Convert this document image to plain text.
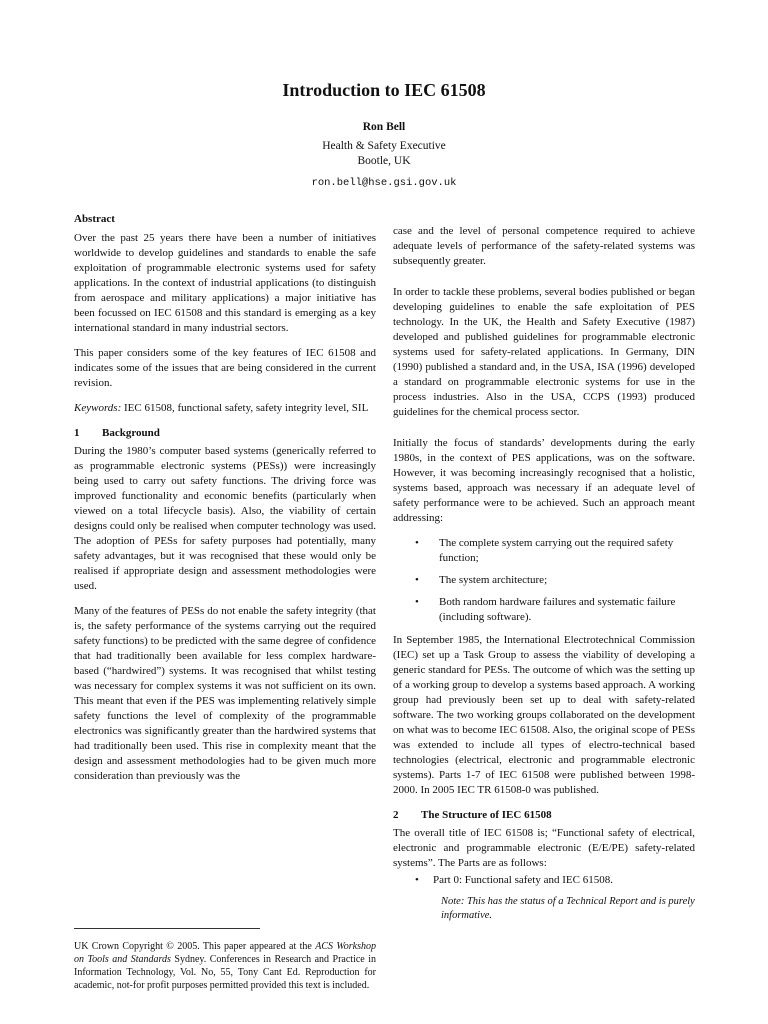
Introduction to IEC 61508
Ron Bell
Health & Safety Executive
Bootle, UK
ron.bell@hse.gsi.gov.uk
Abstract

Over the past 25 years there have been a number of initiatives worldwide to develop guidelines and standards to enable the safe exploitation of programmable electronic systems used for safety applications. In the context of industrial applications (to distinguish from aerospace and military applications) a major initiative has been focussed on IEC 61508 and this standard is emerging as a key international standard in many industrial sectors.

This paper considers some of the key features of IEC 61508 and indicates some of the issues that are being considered in the current revision.

Keywords: IEC 61508, functional safety, safety integrity level, SIL

1	Background

During the 1980’s computer based systems (generically referred to as programmable electronic systems (PESs)) were increasingly being used to carry out safety functions. The driving force was improved functionality and economic benefits (particularly when viewed on a total lifecycle basis). Also, the viability of certain designs could only be realised when computer technology was used. The adoption of PESs for safety purposes had potentially, many safety advantages, but it was recognised that these would only be realised if appropriate design and assessment methodologies were used.

Many of the features of PESs do not enable the safety integrity (that is, the safety performance of the systems carrying out the required safety functions) to be predicted with the same degree of confidence that had traditionally been available for less complex hardware-based (“hardwired”) systems. It was recognised that whilst testing was necessary for complex systems it was not sufficient on its own. This meant that even if the PES was implementing relatively simple safety functions the level of complexity of the programmable electronics was significantly greater than the hardwired systems that had traditionally been used. This rise in complexity meant that the design and assessment methodologies had to be given much more consideration than previously was the

case and the level of personal competence required to achieve adequate levels of performance of the safety-related systems was subsequently greater.

In order to tackle these problems, several bodies published or began developing guidelines to enable the safe exploitation of PES technology. In the UK, the Health and Safety Executive (1987) developed and published guidelines for programmable electronic systems used for safety-related applications. In Germany, DIN (1990) published a standard and, in the USA, ISA (1996) developed a standard on programmable electronic systems for use in the process industries. Also in the USA, CCPS (1993) produced guidelines for the chemical process sector.

Initially the focus of standards’ developments during the early 1980s, in the context of PES applications, was on the software. However, it was becoming increasingly recognised that a holistic, systems based, approach was necessary if an adequate level of safety performance were to be achieved. Such an approach meant addressing:

• The complete system carrying out the required safety function;
• The system architecture;
• Both random hardware failures and systematic failure (including software).

In September 1985, the International Electrotechnical Commission (IEC) set up a Task Group to assess the viability of developing a generic standard for PESs. The outcome of which was the setting up of a working group to develop a systems based approach. A working group had previously been set up to deal with safety-related software. The two working groups collaborated on the development on what was to become IEC 61508. Also, the original scope of PESs was extended to include all types of electro-technical based technologies (electrical, electronic and programmable electronic systems). Parts 1-7 of IEC 61508 were published between 1998-2000. In 2005 IEC TR 61508-0 was published.

2	The Structure of IEC 61508

The overall title of IEC 61508 is; “Functional safety of electrical, electronic and programmable electronic (E/E/PE) safety-related systems”. The Parts are as follows:

• Part 0: Functional safety and IEC 61508.
Note: This has the status of a Technical Report and is purely informative.
UK Crown Copyright © 2005. This paper appeared at the ACS Workshop on Tools and Standards Sydney. Conferences in Research and Practice in Information Technology, Vol. No, 55, Tony Cant Ed. Reproduction for academic, not-for profit purposes permitted provided this text is included.
